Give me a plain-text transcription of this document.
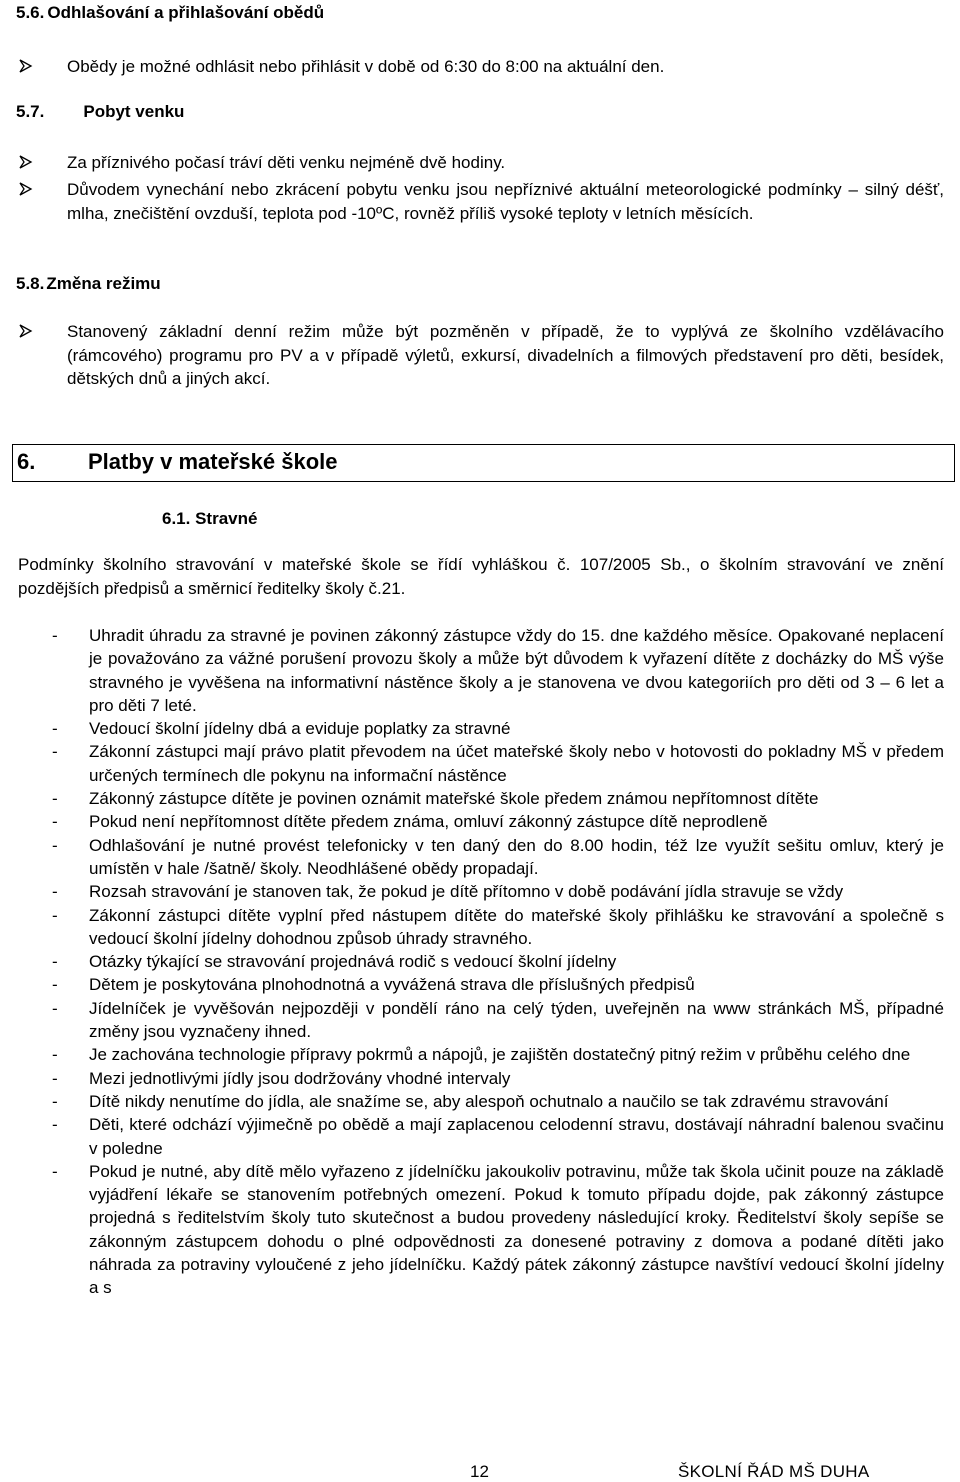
5.6. Odhlašování a přihlašování obědů
Obědy je možné odhlásit nebo přihlásit v době od 6:30 do 8:00 na aktuální den.
5.7. Pobyt venku
Za příznivého počasí tráví děti venku nejméně dvě hodiny.
Důvodem vynechání nebo zkrácení pobytu venku jsou nepříznivé aktuální meteorologické podmínky – silný déšť, mlha, znečištění ovzduší, teplota pod -10ºC, rovněž příliš vysoké teploty v letních měsících.
5.8. Změna režimu
Stanovený základní denní režim může být pozměněn v případě, že to vyplývá ze školního vzdělávacího (rámcového) programu pro PV a v případě výletů, exkursí, divadelních a filmových představení pro děti, besídek, dětských dnů a jiných akcí.
6. Platby v mateřské škole
6.1. Stravné
Podmínky školního stravování v mateřské škole se řídí vyhláškou č. 107/2005 Sb., o školním stravování ve znění pozdějších předpisů a směrnicí ředitelky školy č.21.
- Uhradit úhradu za stravné je povinen zákonný zástupce vždy do 15. dne každého měsíce. Opakované neplacení je považováno za vážné porušení provozu školy a může být důvodem k vyřazení dítěte z docházky do MŠ výše stravného je vyvěšena na informativní nástěnce školy a je stanovena ve dvou kategoriích pro děti od 3 – 6 let a pro děti 7 leté.
- Vedoucí školní jídelny dbá a eviduje poplatky za stravné
- Zákonní zástupci mají právo platit převodem na účet mateřské školy nebo v hotovosti do pokladny MŠ v předem určených termínech dle pokynu na informační nástěnce
- Zákonný zástupce dítěte je povinen oznámit mateřské škole předem známou nepřítomnost dítěte
- Pokud není nepřítomnost dítěte předem známa, omluví zákonný zástupce dítě neprodleně
- Odhlašování je nutné provést telefonicky v ten daný den do 8.00 hodin, též lze využít sešitu omluv, který je umístěn v hale /šatně/ školy. Neodhlášené obědy propadají.
- Rozsah stravování je stanoven tak, že pokud je dítě přítomno v době podávání jídla stravuje se vždy
- Zákonní zástupci dítěte vyplní před nástupem dítěte do mateřské školy přihlášku ke stravování a společně s vedoucí školní jídelny dohodnou způsob úhrady stravného.
- Otázky týkající se stravování projednává rodič s vedoucí školní jídelny
- Dětem je poskytována plnohodnotná a vyvážená strava dle příslušných předpisů
- Jídelníček je vyvěšován nejpozději v pondělí ráno na celý týden, uveřejněn na www stránkách MŠ, případné změny jsou vyznačeny ihned.
- Je zachována technologie přípravy pokrmů a nápojů, je zajištěn dostatečný pitný režim v průběhu celého dne
- Mezi jednotlivými jídly jsou dodržovány vhodné intervaly
- Dítě nikdy nenutíme do jídla, ale snažíme se, aby alespoň ochutnalo a naučilo se tak zdravému stravování
- Děti, které odchází výjimečně po obědě a mají zaplacenou celodenní stravu, dostávají náhradní balenou svačinu v poledne
- Pokud je nutné, aby dítě mělo vyřazeno z jídelníčku jakoukoliv potravinu, může tak škola učinit pouze na základě vyjádření lékaře se stanovením potřebných omezení. Pokud k tomuto případu dojde, pak zákonný zástupce projedná s ředitelstvím školy tuto skutečnost a budou provedeny následující kroky. Ředitelství školy sepíše se zákonným zástupcem dohodu o plné odpovědnosti za donesené potraviny z domova a podané dítěti jako náhrada za potraviny vyloučené z jeho jídelníčku. Každý pátek zákonný zástupce navštíví vedoucí školní jídelny a s
12	ŠKOLNÍ ŘÁD MŠ DUHA
